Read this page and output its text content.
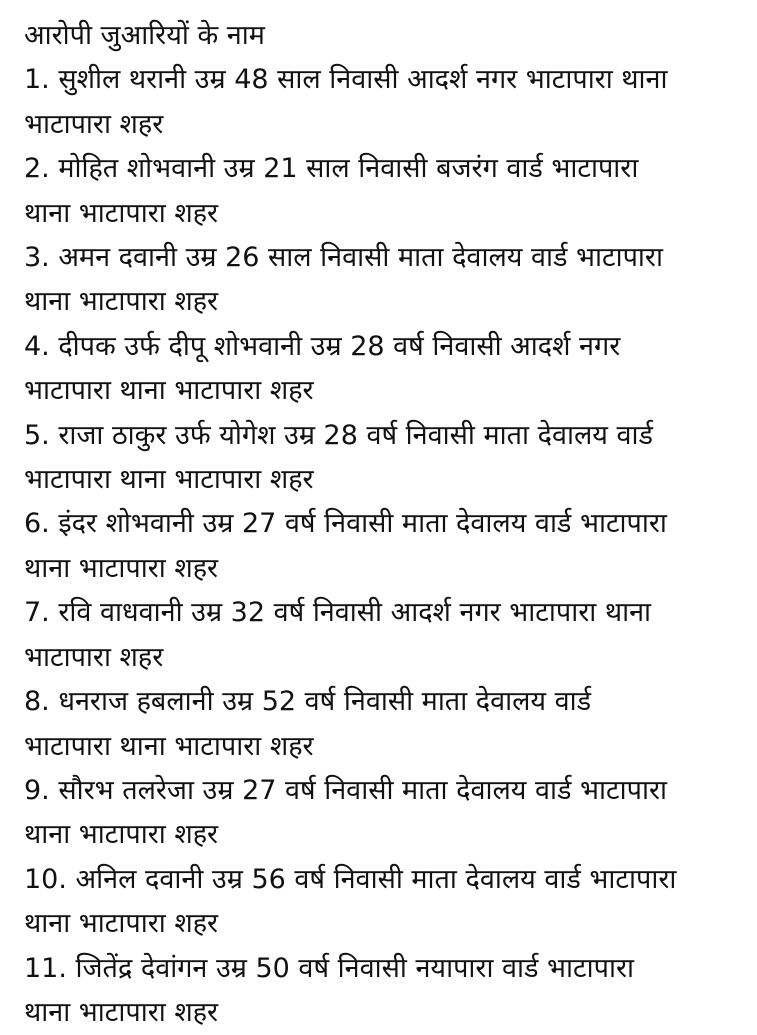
आरोपी जुआरियों के नाम
1. सुशील थरानी उम्र 48 साल निवासी आदर्श नगर भाटापारा थाना
भाटापारा शहर
2. मोहित शोभवानी उम्र 21 साल निवासी बजरंग वार्ड भाटापारा
थाना भाटापारा शहर
3. अमन दवानी उम्र 26 साल निवासी माता देवालय वार्ड भाटापारा
थाना भाटापारा शहर
4. दीपक उर्फ दीपू शोभवानी उम्र 28 वर्ष निवासी आदर्श नगर
भाटापारा थाना भाटापारा शहर
5. राजा ठाकुर उर्फ योगेश उम्र 28 वर्ष निवासी माता देवालय वार्ड
भाटापारा थाना भाटापारा शहर
6. इंदर शोभवानी उम्र 27 वर्ष निवासी माता देवालय वार्ड भाटापारा
थाना भाटापारा शहर
7. रवि वाधवानी उम्र 32 वर्ष निवासी आदर्श नगर भाटापारा थाना
भाटापारा शहर
8. धनराज हबलानी उम्र 52 वर्ष निवासी माता देवालय वार्ड
भाटापारा थाना भाटापारा शहर
9. सौरभ तलरेजा उम्र 27 वर्ष निवासी माता देवालय वार्ड भाटापारा
थाना भाटापारा शहर
10. अनिल दवानी उम्र 56 वर्ष निवासी माता देवालय वार्ड भाटापारा
थाना भाटापारा शहर
11. जितेंद्र देवांगन उम्र 50 वर्ष निवासी नयापारा वार्ड भाटापारा
थाना भाटापारा शहर
